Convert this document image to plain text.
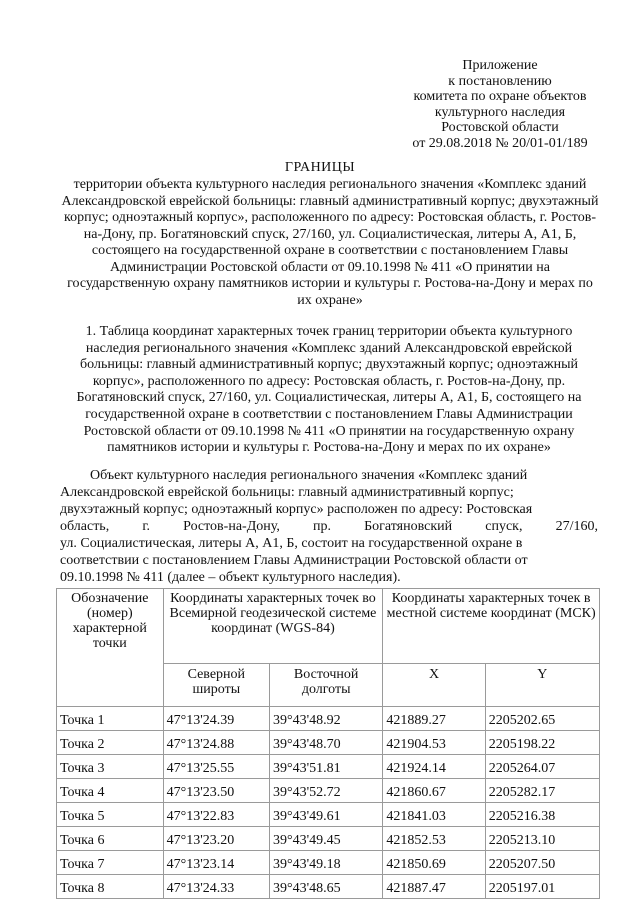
Приложение
к постановлению
комитета по охране объектов
культурного наследия
Ростовской области
от 29.08.2018 № 20/01-01/189
ГРАНИЦЫ
территории объекта культурного наследия регионального значения «Комплекс зданий Александровской еврейской больницы: главный административный корпус; двухэтажный корпус; одноэтажный корпус», расположенного по адресу: Ростовская область, г. Ростов-на-Дону, пр. Богатяновский спуск, 27/160, ул. Социалистическая, литеры А, А1, Б, состоящего на государственной охране в соответствии с постановлением Главы Администрации Ростовской области от 09.10.1998 № 411 «О принятии на государственную охрану памятников истории и культуры г. Ростова-на-Дону и мерах по их охране»
1. Таблица координат характерных точек границ территории объекта культурного наследия регионального значения «Комплекс зданий Александровской еврейской больницы: главный административный корпус; двухэтажный корпус; одноэтажный корпус», расположенного по адресу: Ростовская область, г. Ростов-на-Дону, пр. Богатяновский спуск, 27/160, ул. Социалистическая, литеры А, А1, Б, состоящего на государственной охране в соответствии с постановлением Главы Администрации Ростовской области от 09.10.1998 № 411 «О принятии на государственную охрану памятников истории и культуры г. Ростова-на-Дону и мерах по их охране»
Объект культурного наследия регионального значения «Комплекс зданий
Александровской еврейской больницы: главный административный корпус;
двухэтажный корпус; одноэтажный корпус» расположен по адресу: Ростовская
область, г. Ростов-на-Дону, пр. Богатяновский спуск, 27/160,
ул. Социалистическая, литеры А, А1, Б, состоит на государственной охране в
соответствии с постановлением Главы Администрации Ростовской области от
09.10.1998 № 411 (далее – объект культурного наследия).
Обозначение (номер) характерной точки	Координаты характерных точек во Всемирной геодезической системе координат (WGS-84)		Координаты характерных точек в местной системе координат (МСК)	
	Северной широты	Восточной долготы	X	Y
Точка 1	47°13'24.39	39°43'48.92	421889.27	2205202.65
Точка 2	47°13'24.88	39°43'48.70	421904.53	2205198.22
Точка 3	47°13'25.55	39°43'51.81	421924.14	2205264.07
Точка 4	47°13'23.50	39°43'52.72	421860.67	2205282.17
Точка 5	47°13'22.83	39°43'49.61	421841.03	2205216.38
Точка 6	47°13'23.20	39°43'49.45	421852.53	2205213.10
Точка 7	47°13'23.14	39°43'49.18	421850.69	2205207.50
Точка 8	47°13'24.33	39°43'48.65	421887.47	2205197.01
